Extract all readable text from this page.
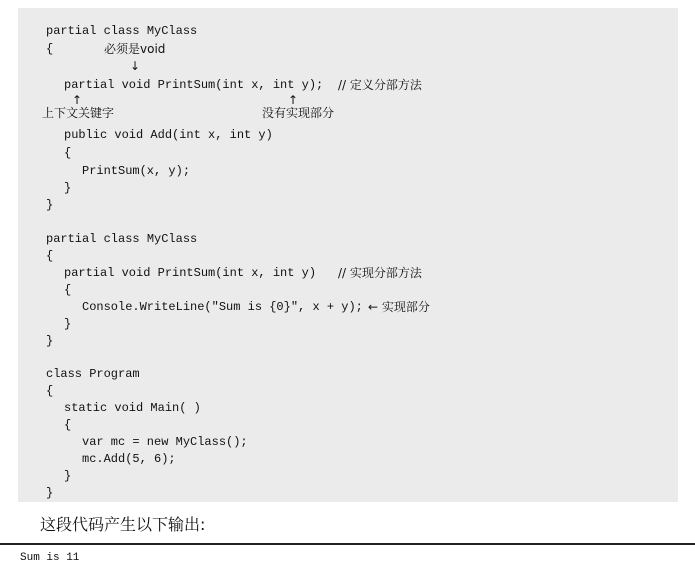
partial class MyClass
{
partial void PrintSum(int x, int y);
public void Add(int x, int y)
{
PrintSum(x, y);
}
}
partial class MyClass
{
partial void PrintSum(int x, int y)
{
Console.WriteLine("Sum is {0}", x + y);
}
}
class Program
{
static void Main( )
{
var mc = new MyClass();
mc.Add(5, 6);
}
}
必须是void
↓
↑
上下文关键字
↑
没有实现部分
// 定义分部方法
// 实现分部方法
← 实现部分
这段代码产生以下输出:
Sum is 11
